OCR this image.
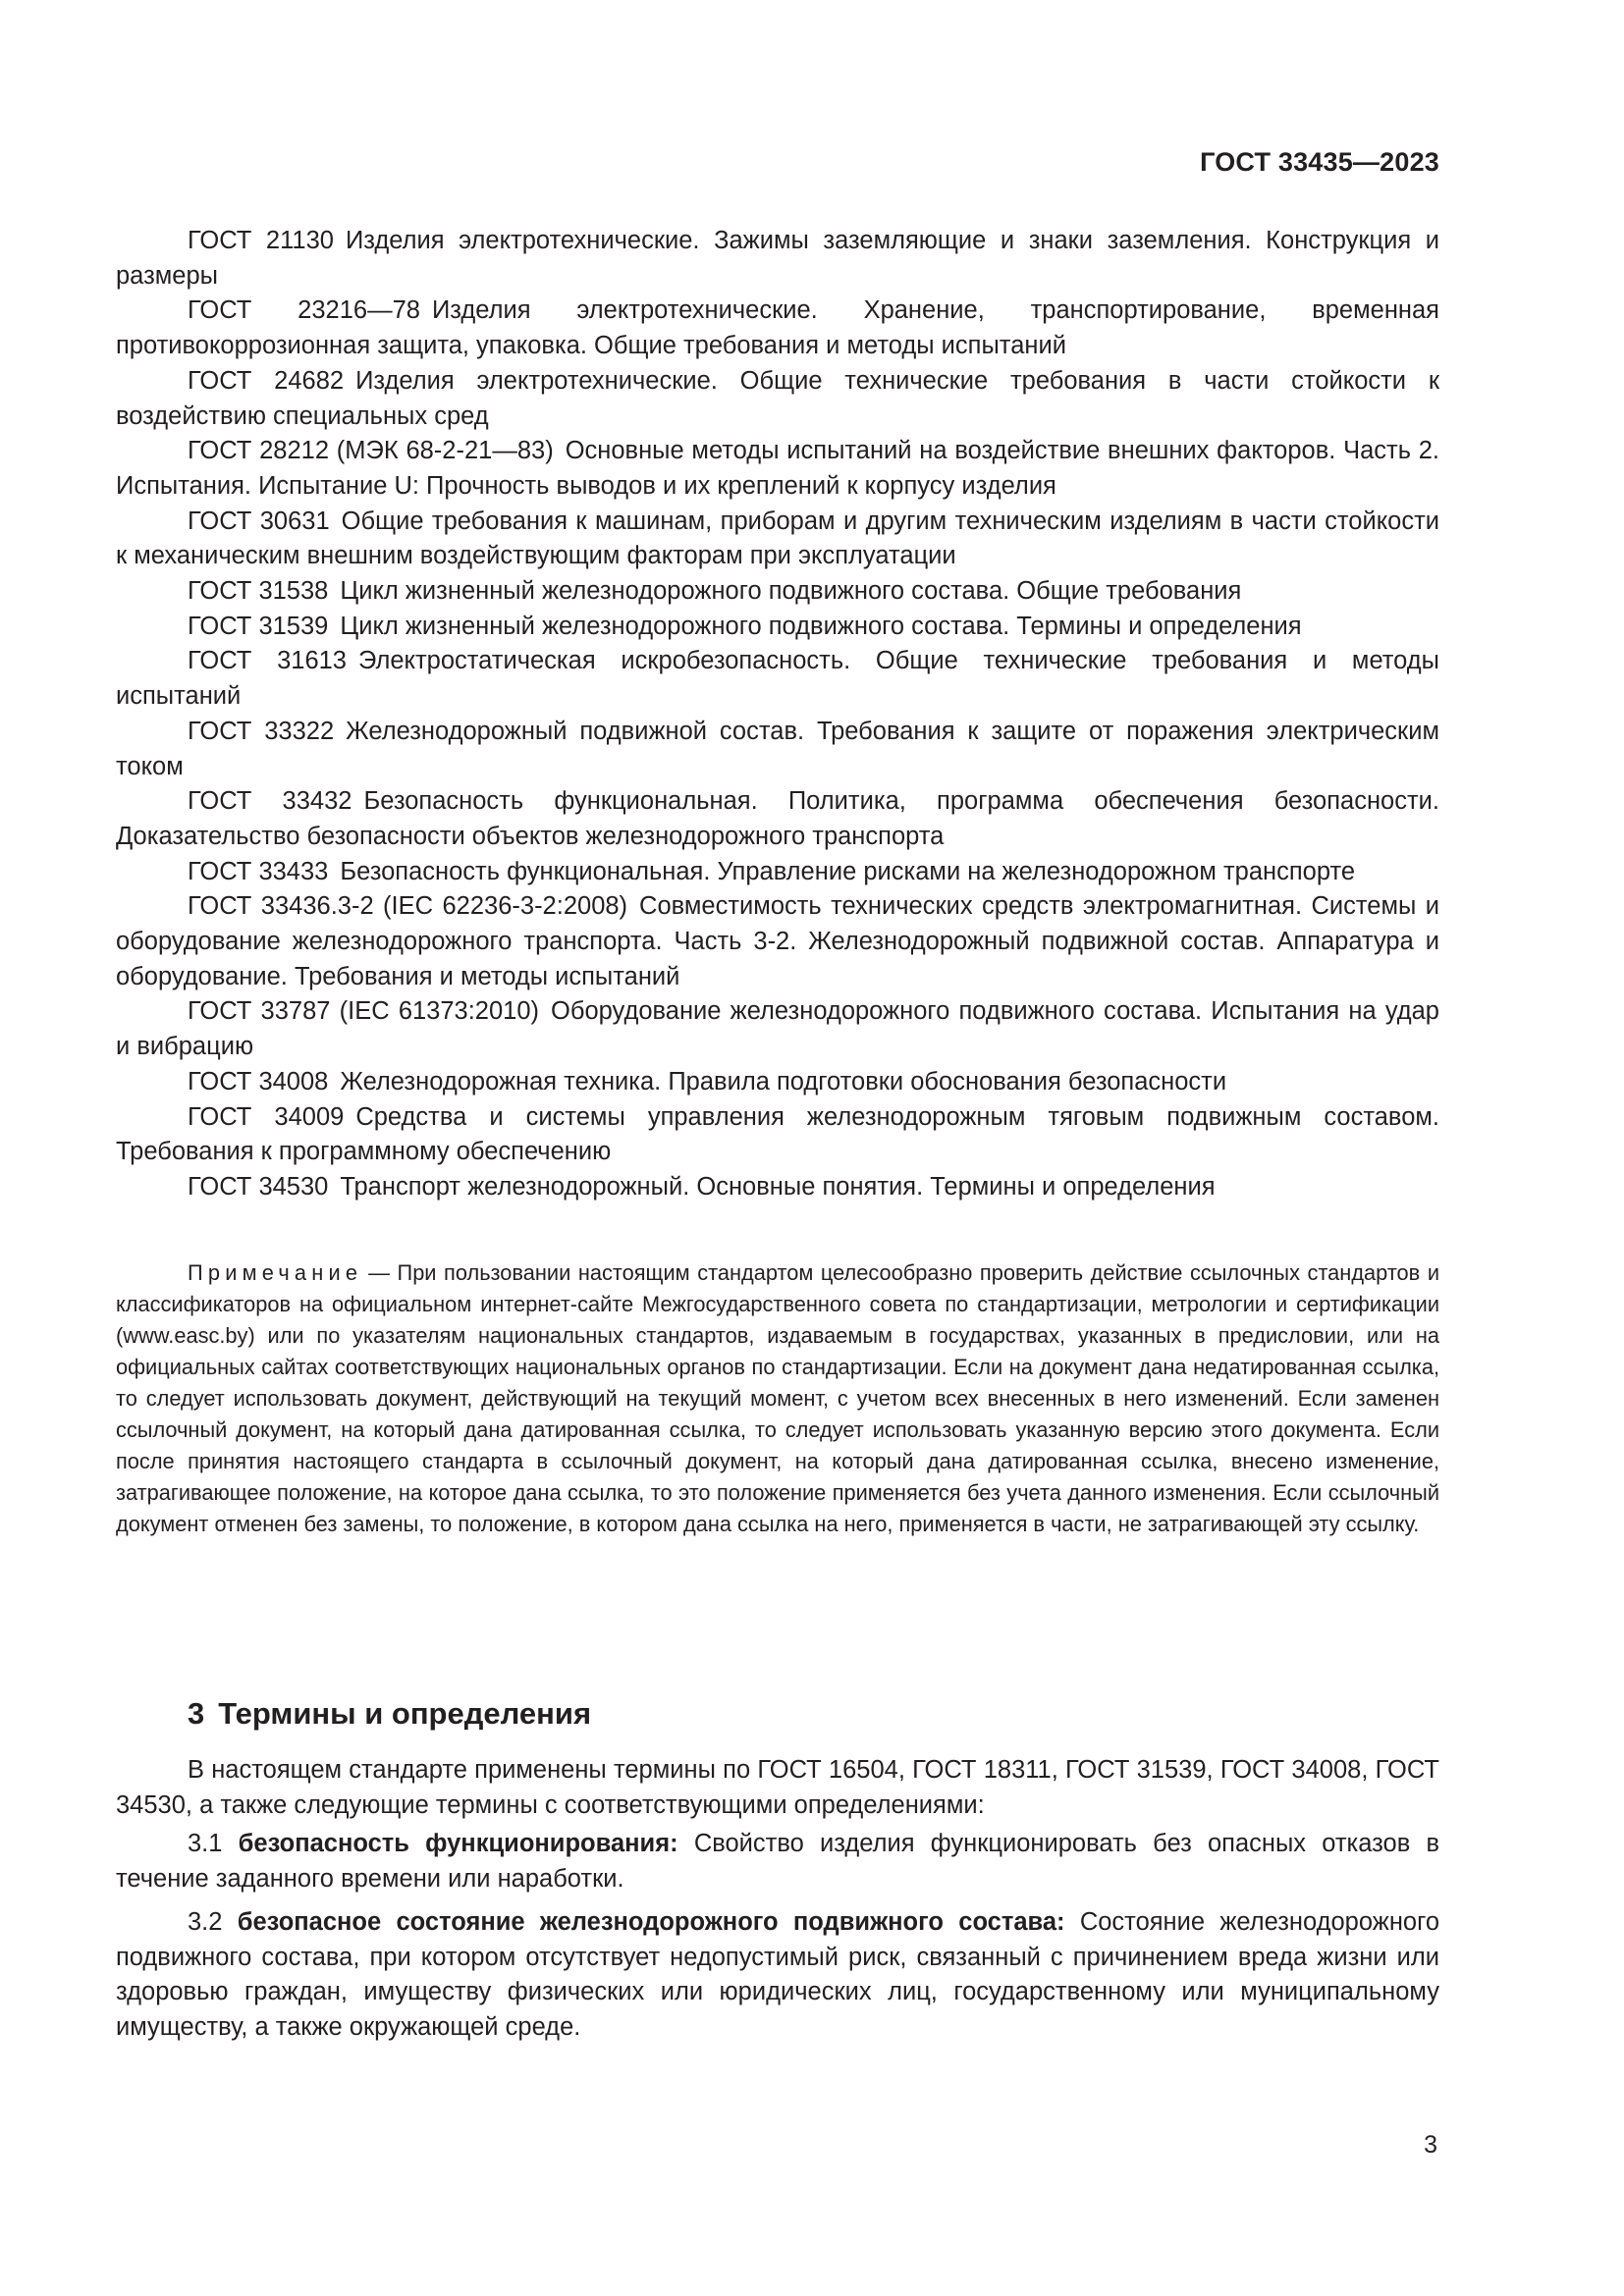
ГОСТ 33435—2023

ГОСТ 21130 Изделия электротехнические. Зажимы заземляющие и знаки заземления. Конструкция и размеры

ГОСТ 23216—78 Изделия электротехнические. Хранение, транспортирование, временная противокоррозионная защита, упаковка. Общие требования и методы испытаний

ГОСТ 24682 Изделия электротехнические. Общие технические требования в части стойкости к воздействию специальных сред

ГОСТ 28212 (МЭК 68-2-21—83) Основные методы испытаний на воздействие внешних факторов. Часть 2. Испытания. Испытание U: Прочность выводов и их креплений к корпусу изделия

ГОСТ 30631 Общие требования к машинам, приборам и другим техническим изделиям в части стойкости к механическим внешним воздействующим факторам при эксплуатации

ГОСТ 31538 Цикл жизненный железнодорожного подвижного состава. Общие требования

ГОСТ 31539 Цикл жизненный железнодорожного подвижного состава. Термины и определения

ГОСТ 31613 Электростатическая искробезопасность. Общие технические требования и методы испытаний

ГОСТ 33322 Железнодорожный подвижной состав. Требования к защите от поражения электрическим током

ГОСТ 33432 Безопасность функциональная. Политика, программа обеспечения безопасности. Доказательство безопасности объектов железнодорожного транспорта

ГОСТ 33433 Безопасность функциональная. Управление рисками на железнодорожном транспорте

ГОСТ 33436.3-2 (IEC 62236-3-2:2008) Совместимость технических средств электромагнитная. Системы и оборудование железнодорожного транспорта. Часть 3-2. Железнодорожный подвижной состав. Аппаратура и оборудование. Требования и методы испытаний

ГОСТ 33787 (IEC 61373:2010) Оборудование железнодорожного подвижного состава. Испытания на удар и вибрацию

ГОСТ 34008 Железнодорожная техника. Правила подготовки обоснования безопасности

ГОСТ 34009 Средства и системы управления железнодорожным тяговым подвижным составом. Требования к программному обеспечению

ГОСТ 34530 Транспорт железнодорожный. Основные понятия. Термины и определения

Примечание — При пользовании настоящим стандартом целесообразно проверить действие ссылочных стандартов и классификаторов на официальном интернет-сайте Межгосударственного совета по стандартизации, метрологии и сертификации (www.easc.by) или по указателям национальных стандартов, издаваемым в государствах, указанных в предисловии, или на официальных сайтах соответствующих национальных органов по стандартизации. Если на документ дана недатированная ссылка, то следует использовать документ, действующий на текущий момент, с учетом всех внесенных в него изменений. Если заменен ссылочный документ, на который дана датированная ссылка, то следует использовать указанную версию этого документа. Если после принятия настоящего стандарта в ссылочный документ, на который дана датированная ссылка, внесено изменение, затрагивающее положение, на которое дана ссылка, то это положение применяется без учета данного изменения. Если ссылочный документ отменен без замены, то положение, в котором дана ссылка на него, применяется в части, не затрагивающей эту ссылку.

3 Термины и определения

В настоящем стандарте применены термины по ГОСТ 16504, ГОСТ 18311, ГОСТ 31539, ГОСТ 34008, ГОСТ 34530, а также следующие термины с соответствующими определениями:

3.1 безопасность функционирования: Свойство изделия функционировать без опасных отказов в течение заданного времени или наработки.

3.2 безопасное состояние железнодорожного подвижного состава: Состояние железнодорожного подвижного состава, при котором отсутствует недопустимый риск, связанный с причинением вреда жизни или здоровью граждан, имуществу физических или юридических лиц, государственному или муниципальному имуществу, а также окружающей среде.

3
